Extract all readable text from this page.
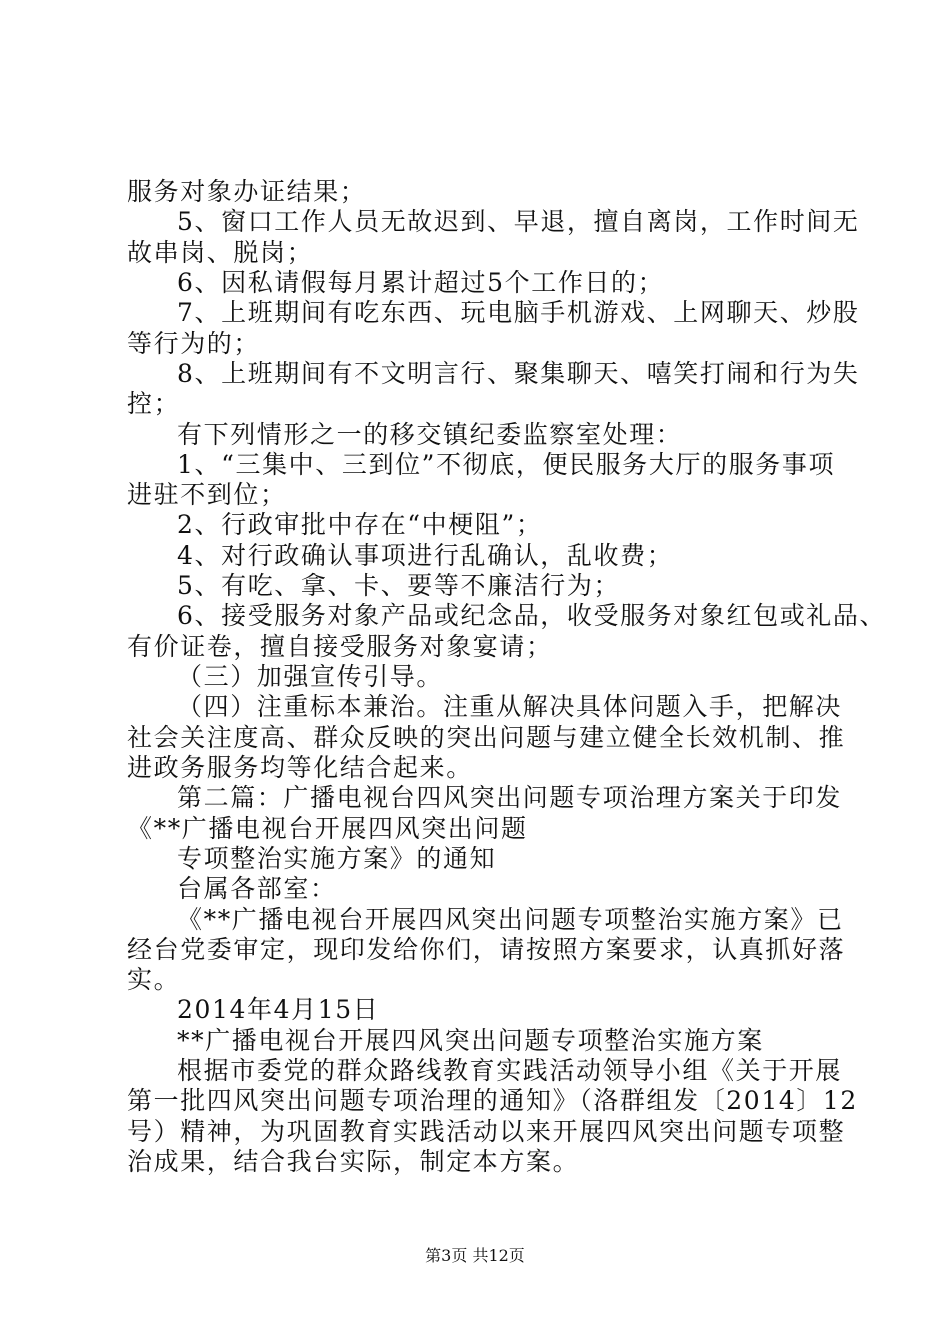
服务对象办证结果；
5、窗口工作人员无故迟到、早退，擅自离岗，工作时间无
故串岗、脱岗；
6、因私请假每月累计超过5个工作日的；
7、上班期间有吃东西、玩电脑手机游戏、上网聊天、炒股
等行为的；
8、上班期间有不文明言行、聚集聊天、嘻笑打闹和行为失
控；
有下列情形之一的移交镇纪委监察室处理：
1、“三集中、三到位”不彻底，便民服务大厅的服务事项
进驻不到位；
2、行政审批中存在“中梗阻”；
4、对行政确认事项进行乱确认，乱收费；
5、有吃、拿、卡、要等不廉洁行为；
6、接受服务对象产品或纪念品，收受服务对象红包或礼品、
有价证卷，擅自接受服务对象宴请；
（三）加强宣传引导。
（四）注重标本兼治。注重从解决具体问题入手，把解决
社会关注度高、群众反映的突出问题与建立健全长效机制、推
进政务服务均等化结合起来。
第二篇：广播电视台四风突出问题专项治理方案关于印发
《**广播电视台开展四风突出问题
专项整治实施方案》的通知
台属各部室：
《**广播电视台开展四风突出问题专项整治实施方案》已
经台党委审定，现印发给你们，请按照方案要求，认真抓好落
实。
2014年4月15日
**广播电视台开展四风突出问题专项整治实施方案
根据市委党的群众路线教育实践活动领导小组《关于开展
第一批四风突出问题专项治理的通知》（洛群组发〔2014〕12
号）精神，为巩固教育实践活动以来开展四风突出问题专项整
治成果，结合我台实际，制定本方案。
第3页 共12页
